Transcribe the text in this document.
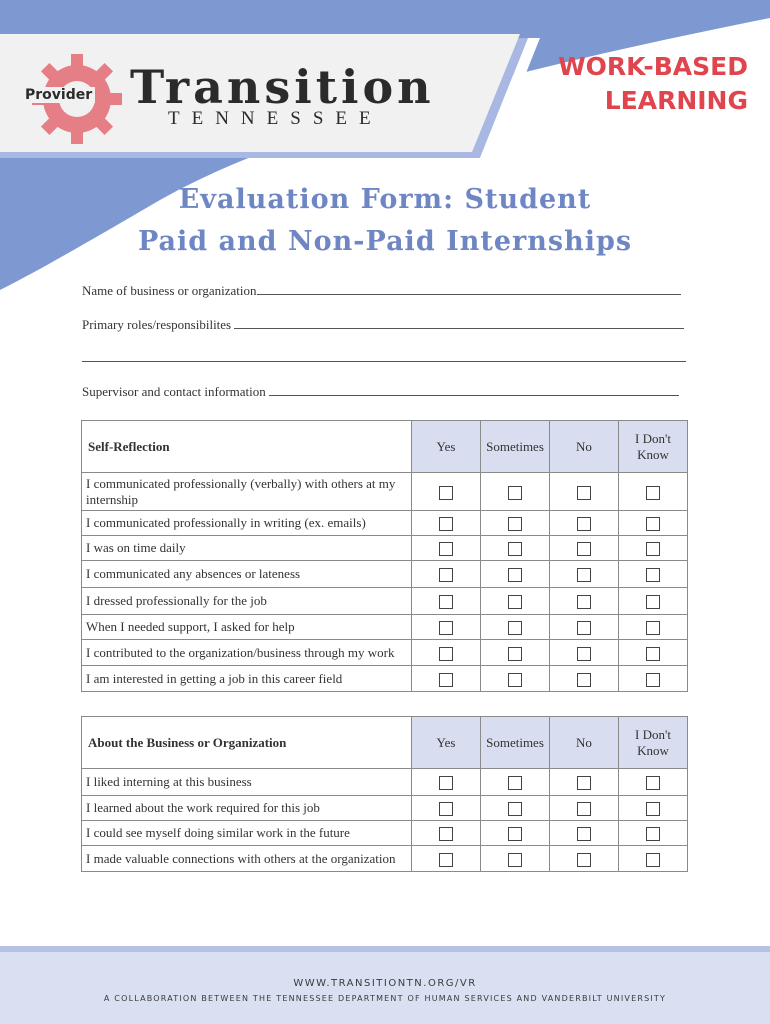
Provider Transition
TENNESSEE
WORK-BASED
LEARNING
Evaluation Form: Student
Paid and Non-Paid Internships
Name of business or organization
Primary roles/responsibilites
Supervisor and contact information
Self-Reflection	Yes	Sometimes	No	I Don't Know
I communicated professionally (verbally) with others at my internship				
I communicated professionally in writing (ex. emails)				
I was on time daily				
I communicated any absences or lateness				
I dressed professionally for the job				
When I needed support, I asked for help				
I contributed to the organization/business through my work				
I am interested in getting a job in this career field				
About the Business or Organization	Yes	Sometimes	No	I Don't Know
I liked interning at this business				
I learned about the work required for this job				
I could see myself doing similar work in the future				
I made valuable connections with others at the organization				
WWW.TRANSITIONTN.ORG/VR
A COLLABORATION BETWEEN THE TENNESSEE DEPARTMENT OF HUMAN SERVICES AND VANDERBILT UNIVERSITY
